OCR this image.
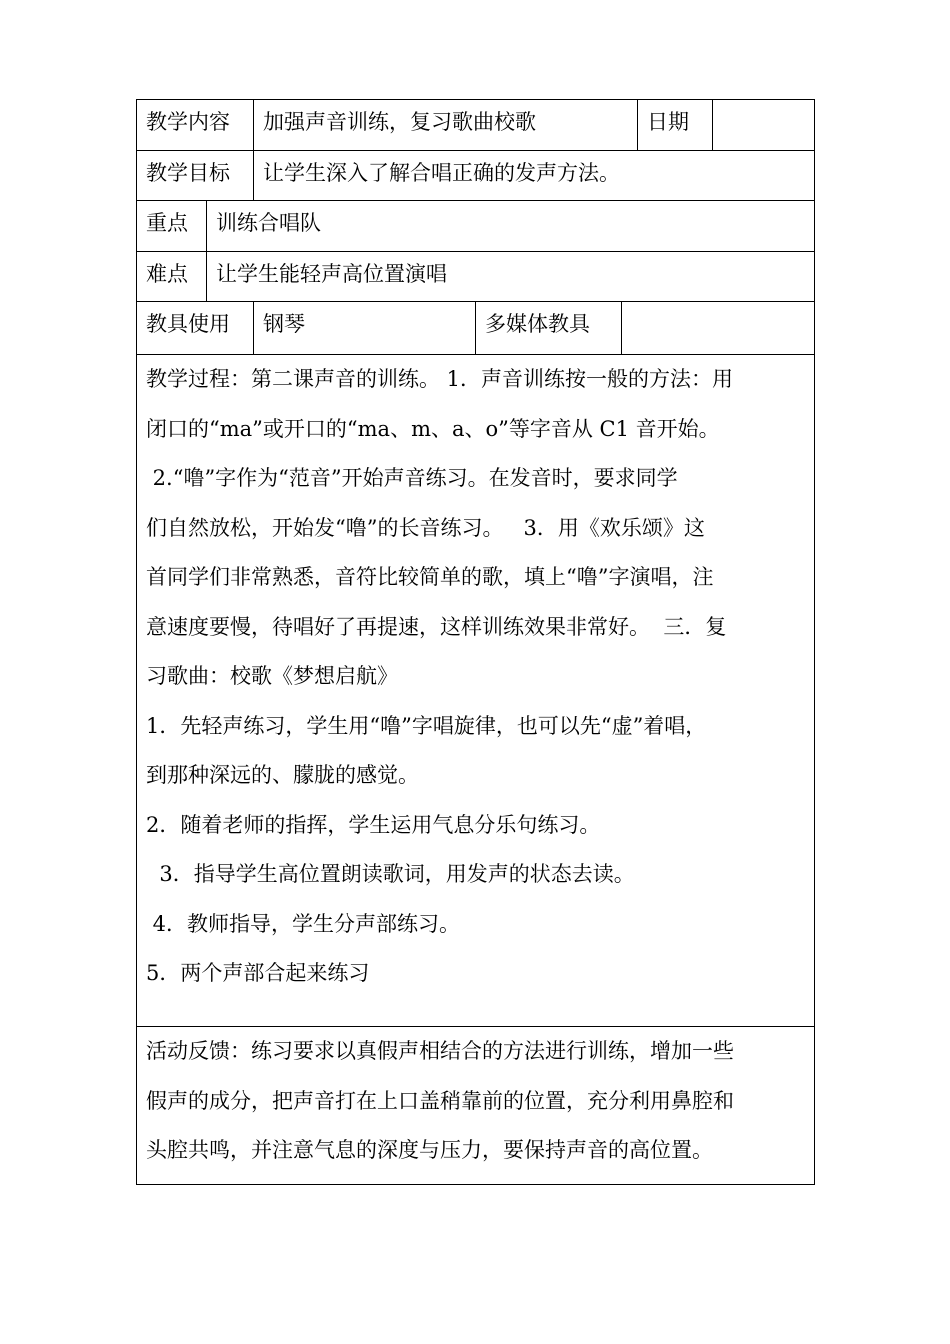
教学内容	加强声音训练，复习歌曲校歌	日期
教学目标	让学生深入了解合唱正确的发声方法。
重点	训练合唱队
难点	让学生能轻声高位置演唱
教具使用	钢琴	多媒体教具
教学过程：第二课声音的训练。 1．声音训练按一般的方法：用
闭口的“ma”或开口的“ma、m、a、o”等字音从 C1 音开始。
2.“噜”字作为“范音”开始声音练习。在发音时，要求同学
们自然放松，开始发“噜”的长音练习。   3．用《欢乐颂》这
首同学们非常熟悉，音符比较简单的歌，填上“噜”字演唱，注
意速度要慢，待唱好了再提速，这样训练效果非常好。  三．复
习歌曲：校歌《梦想启航》
1．先轻声练习，学生用“噜”字唱旋律，也可以先“虚”着唱，
到那种深远的、朦胧的感觉。
2．随着老师的指挥，学生运用气息分乐句练习。
3．指导学生高位置朗读歌词，用发声的状态去读。
4．教师指导，学生分声部练习。
5．两个声部合起来练习
活动反馈：练习要求以真假声相结合的方法进行训练，增加一些
假声的成分，把声音打在上口盖稍靠前的位置，充分利用鼻腔和
头腔共鸣，并注意气息的深度与压力，要保持声音的高位置。
